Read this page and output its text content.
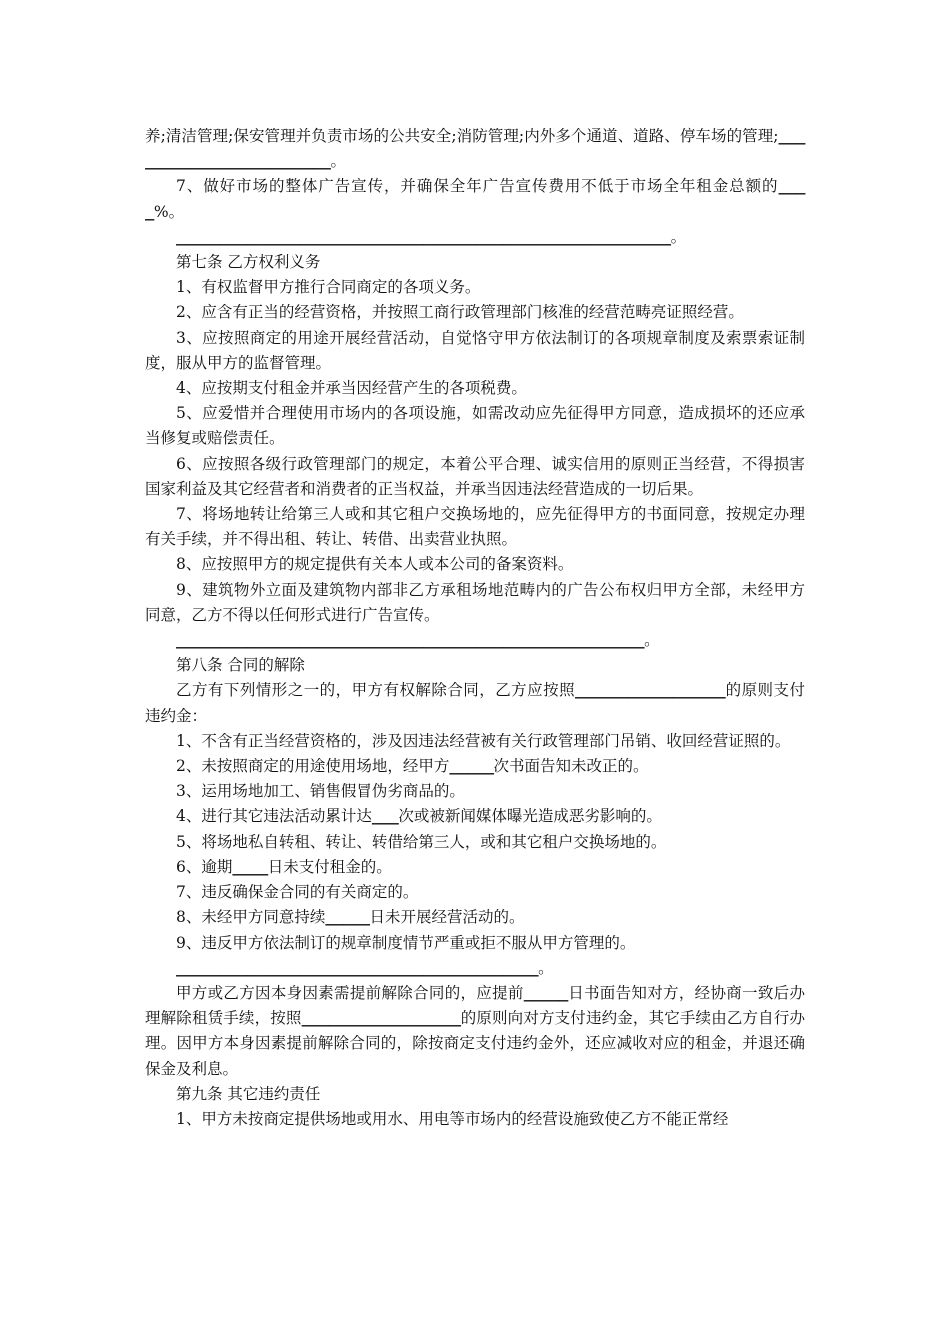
养;清洁管理;保安管理并负责市场的公共安全;消防管理;内外多个通道、道路、停车场的管理;________________________。

7、做好市场的整体广告宣传，并确保全年广告宣传费用不低于市场全年租金总额的____%。

________________________________________________________。

第七条 乙方权利义务

1、有权监督甲方推行合同商定的各项义务。

2、应含有正当的经营资格，并按照工商行政管理部门核准的经营范畴亮证照经营。

3、应按照商定的用途开展经营活动，自觉恪守甲方依法制订的各项规章制度及索票索证制度，服从甲方的监督管理。

4、应按期支付租金并承当因经营产生的各项税费。

5、应爱惜并合理使用市场内的各项设施，如需改动应先征得甲方同意，造成损坏的还应承当修复或赔偿责任。

6、应按照各级行政管理部门的规定，本着公平合理、诚实信用的原则正当经营，不得损害国家利益及其它经营者和消费者的正当权益，并承当因违法经营造成的一切后果。

7、将场地转让给第三人或和其它租户交换场地的，应先征得甲方的书面同意，按规定办理有关手续，并不得出租、转让、转借、出卖营业执照。

8、应按照甲方的规定提供有关本人或本公司的备案资料。

9、建筑物外立面及建筑物内部非乙方承租场地范畴内的广告公布权归甲方全部，未经甲方同意，乙方不得以任何形式进行广告宣传。

_____________________________________________________。

第八条 合同的解除

乙方有下列情形之一的，甲方有权解除合同，乙方应按照_________________的原则支付违约金：

1、不含有正当经营资格的，涉及因违法经营被有关行政管理部门吊销、收回经营证照的。

2、未按照商定的用途使用场地，经甲方_____次书面告知未改正的。

3、运用场地加工、销售假冒伪劣商品的。

4、进行其它违法活动累计达___次或被新闻媒体曝光造成恶劣影响的。

5、将场地私自转租、转让、转借给第三人，或和其它租户交换场地的。

6、逾期____日未支付租金的。

7、违反确保金合同的有关商定的。

8、未经甲方同意持续_____日未开展经营活动的。

9、违反甲方依法制订的规章制度情节严重或拒不服从甲方管理的。

_________________________________________。

甲方或乙方因本身因素需提前解除合同的，应提前_____日书面告知对方，经协商一致后办理解除租赁手续，按照__________________的原则向对方支付违约金，其它手续由乙方自行办理。因甲方本身因素提前解除合同的，除按商定支付违约金外，还应减收对应的租金，并退还确保金及利息。

第九条 其它违约责任

1、甲方未按商定提供场地或用水、用电等市场内的经营设施致使乙方不能正常经
